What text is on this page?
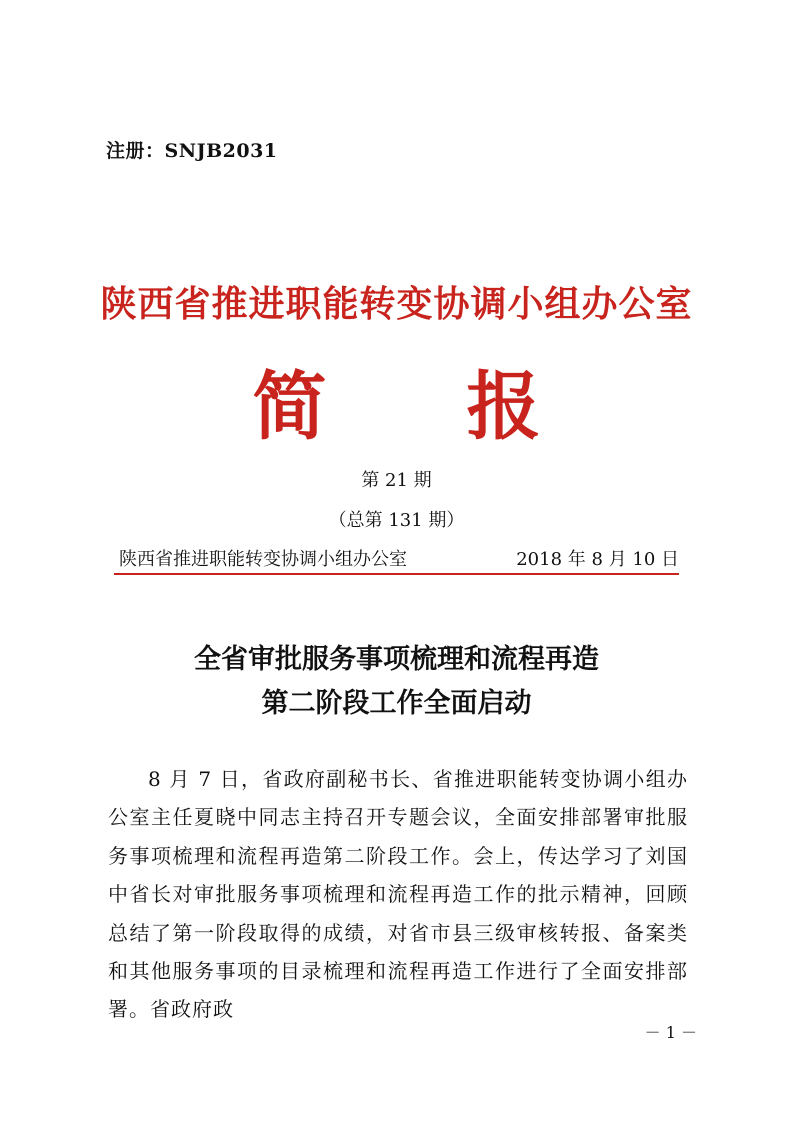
注册：SNJB2031
陕西省推进职能转变协调小组办公室
简 报
第 21 期
（总第 131 期）
陕西省推进职能转变协调小组办公室	2018 年 8 月 10 日
全省审批服务事项梳理和流程再造
第二阶段工作全面启动

8 月 7 日，省政府副秘书长、省推进职能转变协调小组办公室主任夏晓中同志主持召开专题会议，全面安排部署审批服务事项梳理和流程再造第二阶段工作。会上，传达学习了刘国中省长对审批服务事项梳理和流程再造工作的批示精神，回顾总结了第一阶段取得的成绩，对省市县三级审核转报、备案类和其他服务事项的目录梳理和流程再造工作进行了全面安排部署。省政府政

－ 1 －
